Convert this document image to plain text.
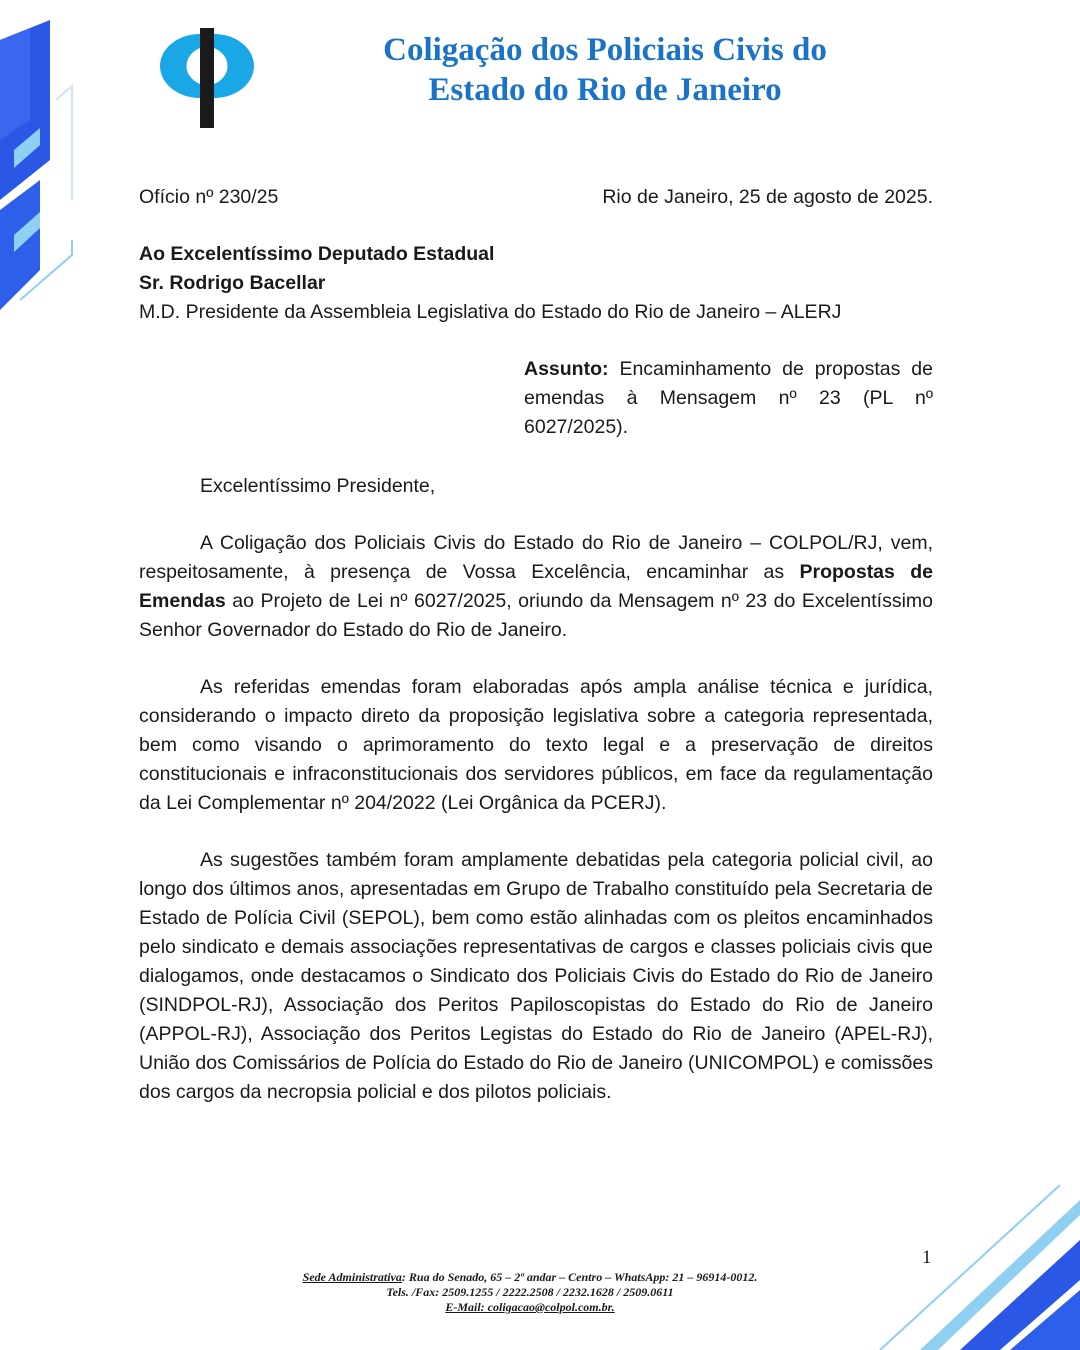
Coligação dos Policiais Civis do
Estado do Rio de Janeiro
Ofício nº 230/25	Rio de Janeiro, 25 de agosto de 2025.
Ao Excelentíssimo Deputado Estadual
Sr. Rodrigo Bacellar
M.D. Presidente da Assembleia Legislativa do Estado do Rio de Janeiro – ALERJ
Assunto: Encaminhamento de propostas de emendas à Mensagem nº 23 (PL nº 6027/2025).
Excelentíssimo Presidente,
A Coligação dos Policiais Civis do Estado do Rio de Janeiro – COLPOL/RJ, vem, respeitosamente, à presença de Vossa Excelência, encaminhar as Propostas de Emendas ao Projeto de Lei nº 6027/2025, oriundo da Mensagem nº 23 do Excelentíssimo Senhor Governador do Estado do Rio de Janeiro.
As referidas emendas foram elaboradas após ampla análise técnica e jurídica, considerando o impacto direto da proposição legislativa sobre a categoria representada, bem como visando o aprimoramento do texto legal e a preservação de direitos constitucionais e infraconstitucionais dos servidores públicos, em face da regulamentação da Lei Complementar nº 204/2022 (Lei Orgânica da PCERJ).
As sugestões também foram amplamente debatidas pela categoria policial civil, ao longo dos últimos anos, apresentadas em Grupo de Trabalho constituído pela Secretaria de Estado de Polícia Civil (SEPOL), bem como estão alinhadas com os pleitos encaminhados pelo sindicato e demais associações representativas de cargos e classes policiais civis que dialogamos, onde destacamos o Sindicato dos Policiais Civis do Estado do Rio de Janeiro (SINDPOL-RJ), Associação dos Peritos Papiloscopistas do Estado do Rio de Janeiro (APPOL-RJ), Associação dos Peritos Legistas do Estado do Rio de Janeiro (APEL-RJ), União dos Comissários de Polícia do Estado do Rio de Janeiro (UNICOMPOL) e comissões dos cargos da necropsia policial e dos pilotos policiais.
1
Sede Administrativa: Rua do Senado, 65 – 2º andar – Centro – WhatsApp: 21 – 96914-0012.
Tels. /Fax: 2509.1255 / 2222.2508 / 2232.1628 / 2509.0611
E-Mail: coligacao@colpol.com.br.
